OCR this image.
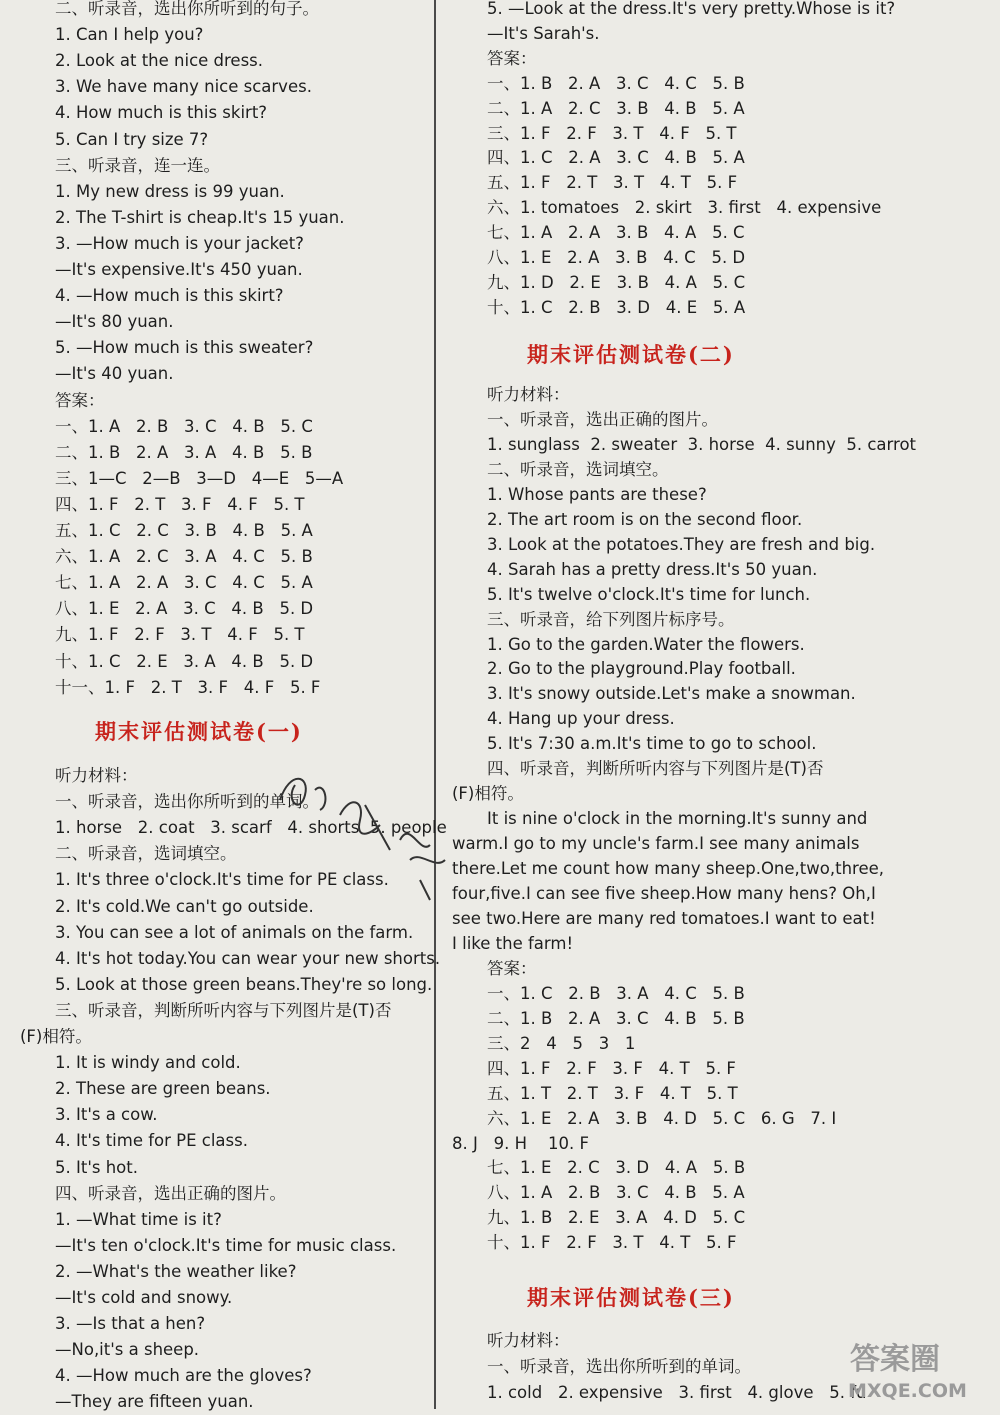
二、听录音，选出你所听到的句子。
1. Can I help you?
2. Look at the nice dress.
3. We have many nice scarves.
4. How much is this skirt?
5. Can I try size 7?
三、听录音，连一连。
1. My new dress is 99 yuan.
2. The T-shirt is cheap.It's 15 yuan.
3. —How much is your jacket?
—It's expensive.It's 450 yuan.
4. —How much is this skirt?
—It's 80 yuan.
5. —How much is this sweater?
—It's 40 yuan.
答案：
一、1. A   2. B   3. C   4. B   5. C
二、1. B   2. A   3. A   4. B   5. B
三、1—C   2—B   3—D   4—E   5—A
四、1. F   2. T   3. F   4. F   5. T
五、1. C   2. C   3. B   4. B   5. A
六、1. A   2. C   3. A   4. C   5. B
七、1. A   2. A   3. C   4. C   5. A
八、1. E   2. A   3. C   4. B   5. D
九、1. F   2. F   3. T   4. F   5. T
十、1. C   2. E   3. A   4. B   5. D
十一、1. F   2. T   3. F   4. F   5. F
期末评估测试卷(一)
听力材料：
一、听录音，选出你所听到的单词。
1. horse   2. coat   3. scarf   4. shorts  5. people
二、听录音，选词填空。
1. It's three o'clock.It's time for PE class.
2. It's cold.We can't go outside.
3. You can see a lot of animals on the farm.
4. It's hot today.You can wear your new shorts.
5. Look at those green beans.They're so long.
三、听录音，判断所听内容与下列图片是(T)否
(F)相符。
1. It is windy and cold.
2. These are green beans.
3. It's a cow.
4. It's time for PE class.
5. It's hot.
四、听录音，选出正确的图片。
1. —What time is it?
—It's ten o'clock.It's time for music class.
2. —What's the weather like?
—It's cold and snowy.
3. —Is that a hen?
—No,it's a sheep.
4. —How much are the gloves?
—They are fifteen yuan.
5. —Look at the dress.It's very pretty.Whose is it?
—It's Sarah's.
答案：
一、1. B   2. A   3. C   4. C   5. B
二、1. A   2. C   3. B   4. B   5. A
三、1. F   2. F   3. T   4. F   5. T
四、1. C   2. A   3. C   4. B   5. A
五、1. F   2. T   3. T   4. T   5. F
六、1. tomatoes   2. skirt   3. first   4. expensive
七、1. A   2. A   3. B   4. A   5. C
八、1. E   2. A   3. B   4. C   5. D
九、1. D   2. E   3. B   4. A   5. C
十、1. C   2. B   3. D   4. E   5. A
期末评估测试卷(二)
听力材料：
一、听录音，选出正确的图片。
1. sunglass  2. sweater  3. horse  4. sunny  5. carrot
二、听录音，选词填空。
1. Whose pants are these?
2. The art room is on the second floor.
3. Look at the potatoes.They are fresh and big.
4. Sarah has a pretty dress.It's 50 yuan.
5. It's twelve o'clock.It's time for lunch.
三、听录音，给下列图片标序号。
1. Go to the garden.Water the flowers.
2. Go to the playground.Play football.
3. It's snowy outside.Let's make a snowman.
4. Hang up your dress.
5. It's 7:30 a.m.It's time to go to school.
四、听录音，判断所听内容与下列图片是(T)否
(F)相符。
It is nine o'clock in the morning.It's sunny and
warm.I go to my uncle's farm.I see many animals
there.Let me count how many sheep.One,two,three,
four,five.I can see five sheep.How many hens? Oh,I
see two.Here are many red tomatoes.I want to eat!
I like the farm!
答案：
一、1. C   2. B   3. A   4. C   5. B
二、1. B   2. A   3. C   4. B   5. B
三、2   4   5   3   1
四、1. F   2. F   3. F   4. T   5. F
五、1. T   2. T   3. F   4. T   5. T
六、1. E   2. A   3. B   4. D   5. C   6. G   7. I
8. J   9. H    10. F
七、1. E   2. C   3. D   4. A   5. B
八、1. A   2. B   3. C   4. B   5. A
九、1. B   2. E   3. A   4. D   5. C
十、1. F   2. F   3. T   4. T   5. F
期末评估测试卷(三)
听力材料：
一、听录音，选出你所听到的单词。
1. cold   2. expensive   3. first   4. glove   5. fu
答案圈
MXQE.COM
